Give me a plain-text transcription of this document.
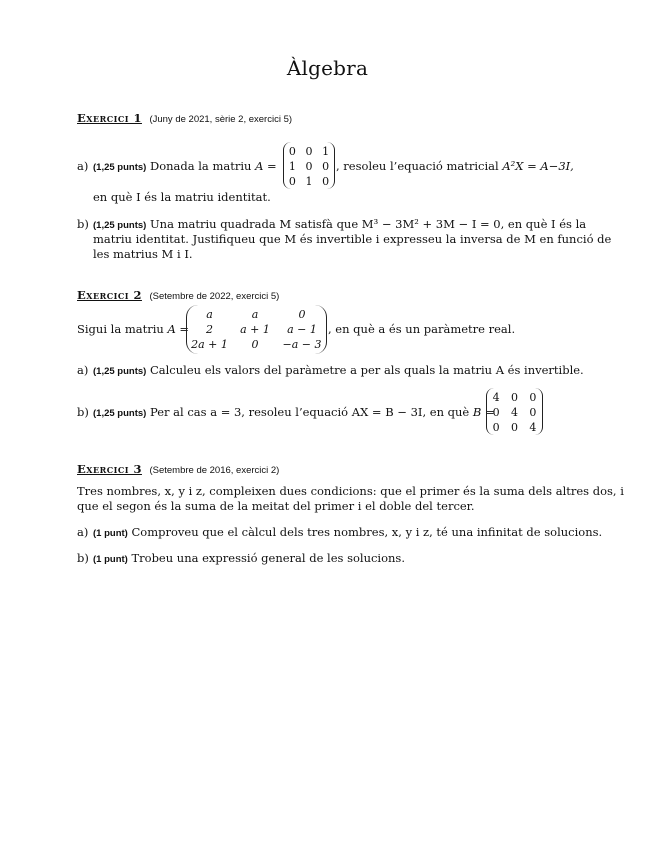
Àlgebra
Exercici 1 (Juny de 2021, sèrie 2, exercici 5)
a) (1,25 punts) Donada la matriu A =
0	0	1
1	0	0
0	1	0
, resoleu l’equació matricial A²X = A−3I,
en què I és la matriu identitat.
b) (1,25 punts) Una matriu quadrada M satisfà que M³ − 3M² + 3M − I = 0, en què I és la
matriu identitat. Justifiqueu que M és invertible i expresseu la inversa de M en funció de
les matrius M i I.
Exercici 2 (Setembre de 2022, exercici 5)
Sigui la matriu A =
a	a	0
2	a + 1	a − 1
2a + 1	0	−a − 3
, en què a és un paràmetre real.
a) (1,25 punts) Calculeu els valors del paràmetre a per als quals la matriu A és invertible.
b) (1,25 punts) Per al cas a = 3, resoleu l’equació AX = B − 3I, en què B =
4	0	0
0	4	0
0	0	4
Exercici 3 (Setembre de 2016, exercici 2)
Tres nombres, x, y i z, compleixen dues condicions: que el primer és la suma dels altres dos, i
que el segon és la suma de la meitat del primer i el doble del tercer.
a) (1 punt) Comproveu que el càlcul dels tres nombres, x, y i z, té una infinitat de solucions.
b) (1 punt) Trobeu una expressió general de les solucions.
